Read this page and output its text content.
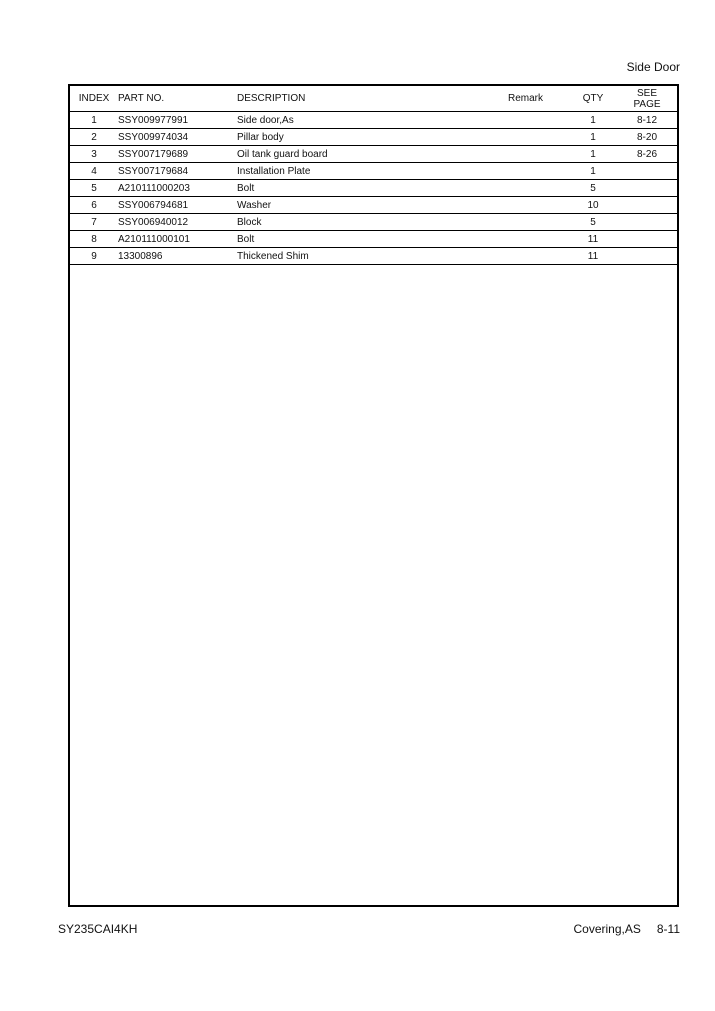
Side Door
INDEX	PART NO.	DESCRIPTION	Remark	QTY	SEE
PAGE
1	SSY009977991	Side door,As		1	8-12
2	SSY009974034	Pillar body		1	8-20
3	SSY007179689	Oil tank guard board		1	8-26
4	SSY007179684	Installation Plate		1	
5	A210111000203	Bolt		5	
6	SSY006794681	Washer		10	
7	SSY006940012	Block		5	
8	A210111000101	Bolt		11	
9	13300896	Thickened Shim		11	
SY235CAI4KH	Covering,AS 8-11
